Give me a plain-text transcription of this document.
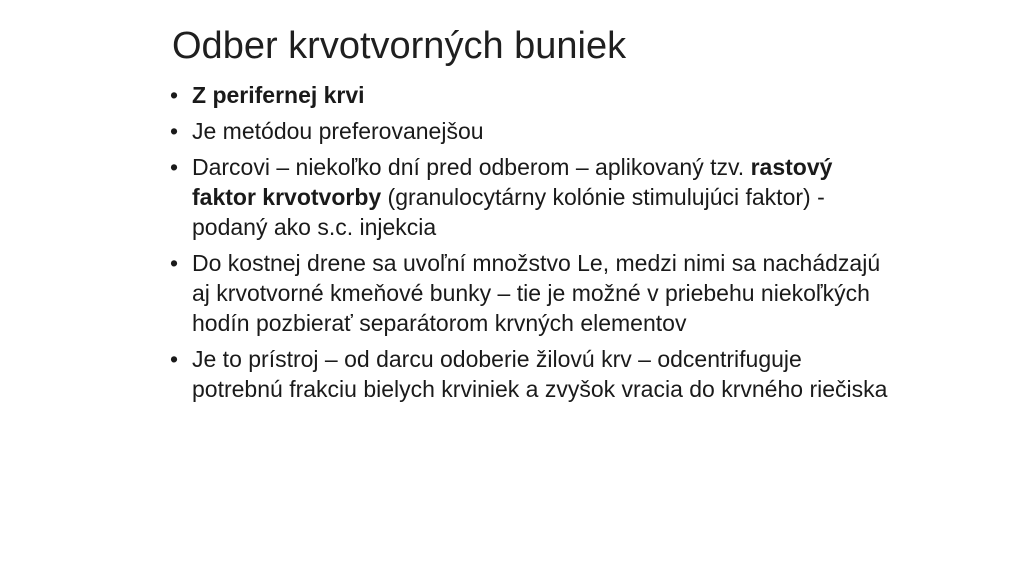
Odber krvotvorných buniek
• Z perifernej krvi
• Je metódou preferovanejšou
• Darcovi – niekoľko dní pred odberom – aplikovaný tzv. rastový faktor krvotvorby (granulocytárny kolónie stimulujúci faktor) - podaný ako s.c. injekcia
• Do kostnej drene sa uvoľní množstvo Le, medzi nimi sa nachádzajú aj krvotvorné kmeňové bunky – tie je možné v priebehu niekoľkých hodín pozbierať separátorom krvných elementov
• Je to prístroj – od darcu odoberie žilovú krv – odcentrifuguje potrebnú frakciu bielych krviniek a zvyšok vracia do krvného riečiska
